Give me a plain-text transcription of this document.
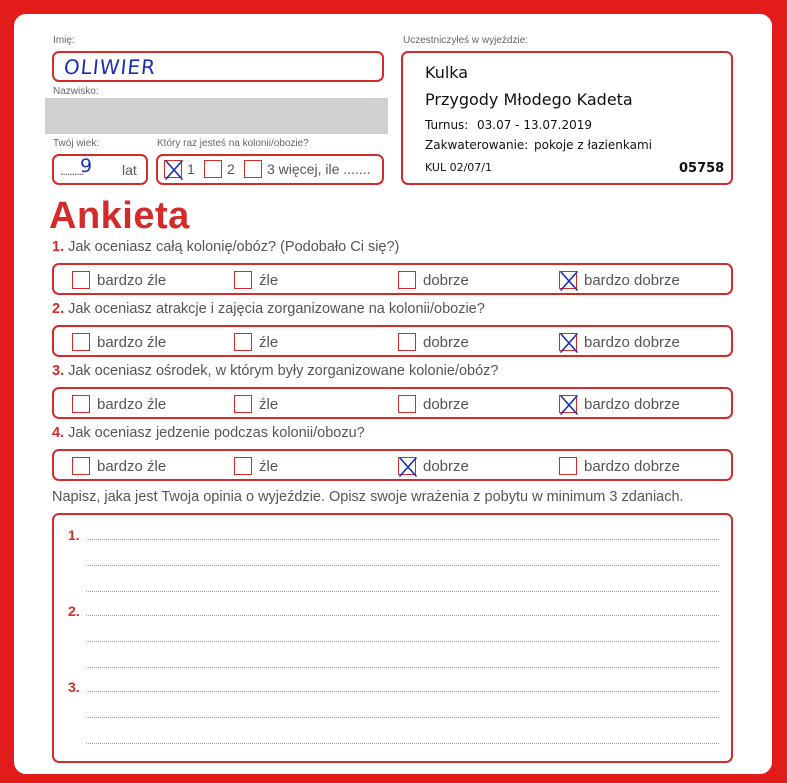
Imię:
OLIWIER
Nazwisko:
Twój wiek:
..........
9 lat
Który raz jesteś na kolonii/obozie?
1 2 3 więcej, ile .......
Uczestniczyłeś w wyjeździe:
Kulka
Przygody Młodego Kadeta
Turnus: 03.07 - 13.07.2019
Zakwaterowanie: pokoje z łazienkami
KUL 02/07/1	05758
Ankieta
1. Jak oceniasz całą kolonię/obóz? (Podobało Ci się?)
bardzo źle	źle	dobrze	bardzo dobrze
2. Jak oceniasz atrakcje i zajęcia zorganizowane na kolonii/obozie?
bardzo źle	źle	dobrze	bardzo dobrze
3. Jak oceniasz ośrodek, w którym były zorganizowane kolonie/obóz?
bardzo źle	źle	dobrze	bardzo dobrze
4. Jak oceniasz jedzenie podczas kolonii/obozu?
bardzo źle	źle	dobrze	bardzo dobrze
Napisz, jaka jest Twoja opinia o wyjeździe. Opisz swoje wrażenia z pobytu w minimum 3 zdaniach.
1.
2.
3.
